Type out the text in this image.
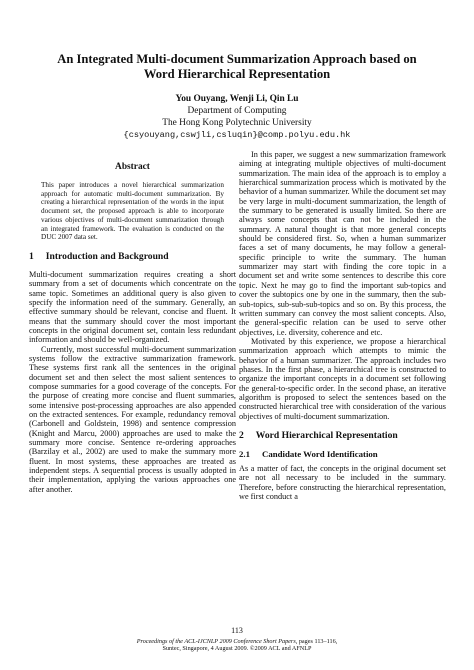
An Integrated Multi-document Summarization Approach based on
Word Hierarchical Representation
You Ouyang, Wenji Li, Qin Lu
Department of Computing
The Hong Kong Polytechnic University
{csyouyang,cswjli,csluqin}@comp.polyu.edu.hk
Abstract
This paper introduces a novel hierarchical summarization approach for automatic multi-document summarization. By creating a hierarchical representation of the words in the input document set, the proposed approach is able to incorporate various objectives of multi-document summarization through an integrated framework. The evaluation is conducted on the DUC 2007 data set.
1 Introduction and Background

Multi-document summarization requires creating a short summary from a set of documents which concentrate on the same topic. Sometimes an additional query is also given to specify the information need of the summary. Generally, an effective summary should be relevant, concise and fluent. It means that the summary should cover the most important concepts in the original document set, contain less redundant information and should be well-organized.

Currently, most successful multi-document summarization systems follow the extractive summarization framework. These systems first rank all the sentences in the original document set and then select the most salient sentences to compose summaries for a good coverage of the concepts. For the purpose of creating more concise and fluent summaries, some intensive post-processing approaches are also appended on the extracted sentences. For example, redundancy removal (Carbonell and Goldstein, 1998) and sentence compression (Knight and Marcu, 2000) approaches are used to make the summary more concise. Sentence re-ordering approaches (Barzilay et al., 2002) are used to make the summary more fluent. In most systems, these approaches are treated as independent steps. A sequential process is usually adopted in their implementation, applying the various approaches one after another.

In this paper, we suggest a new summarization framework aiming at integrating multiple objectives of multi-document summarization. The main idea of the approach is to employ a hierarchical summarization process which is motivated by the behavior of a human summarizer. While the document set may be very large in multi-document summarization, the length of the summary to be generated is usually limited. So there are always some concepts that can not be included in the summary. A natural thought is that more general concepts should be considered first. So, when a human summarizer faces a set of many documents, he may follow a general-specific principle to write the summary. The human summarizer may start with finding the core topic in a document set and write some sentences to describe this core topic. Next he may go to find the important sub-topics and cover the subtopics one by one in the summary, then the sub-sub-topics, sub-sub-sub-topics and so on. By this process, the written summary can convey the most salient concepts. Also, the general-specific relation can be used to serve other objectives, i.e. diversity, coherence and etc.

Motivated by this experience, we propose a hierarchical summarization approach which attempts to mimic the behavior of a human summarizer. The approach includes two phases. In the first phase, a hierarchical tree is constructed to organize the important concepts in a document set following the general-to-specific order. In the second phase, an iterative algorithm is proposed to select the sentences based on the constructed hierarchical tree with consideration of the various objectives of multi-document summarization.

2 Word Hierarchical Representation
2.1 Candidate Word Identification

As a matter of fact, the concepts in the original document set are not all necessary to be included in the summary. Therefore, before constructing the hierarchical representation, we first conduct a

113
Proceedings of the ACL-IJCNLP 2009 Conference Short Papers, pages 113–116,
Suntec, Singapore, 4 August 2009. ©2009 ACL and AFNLP
